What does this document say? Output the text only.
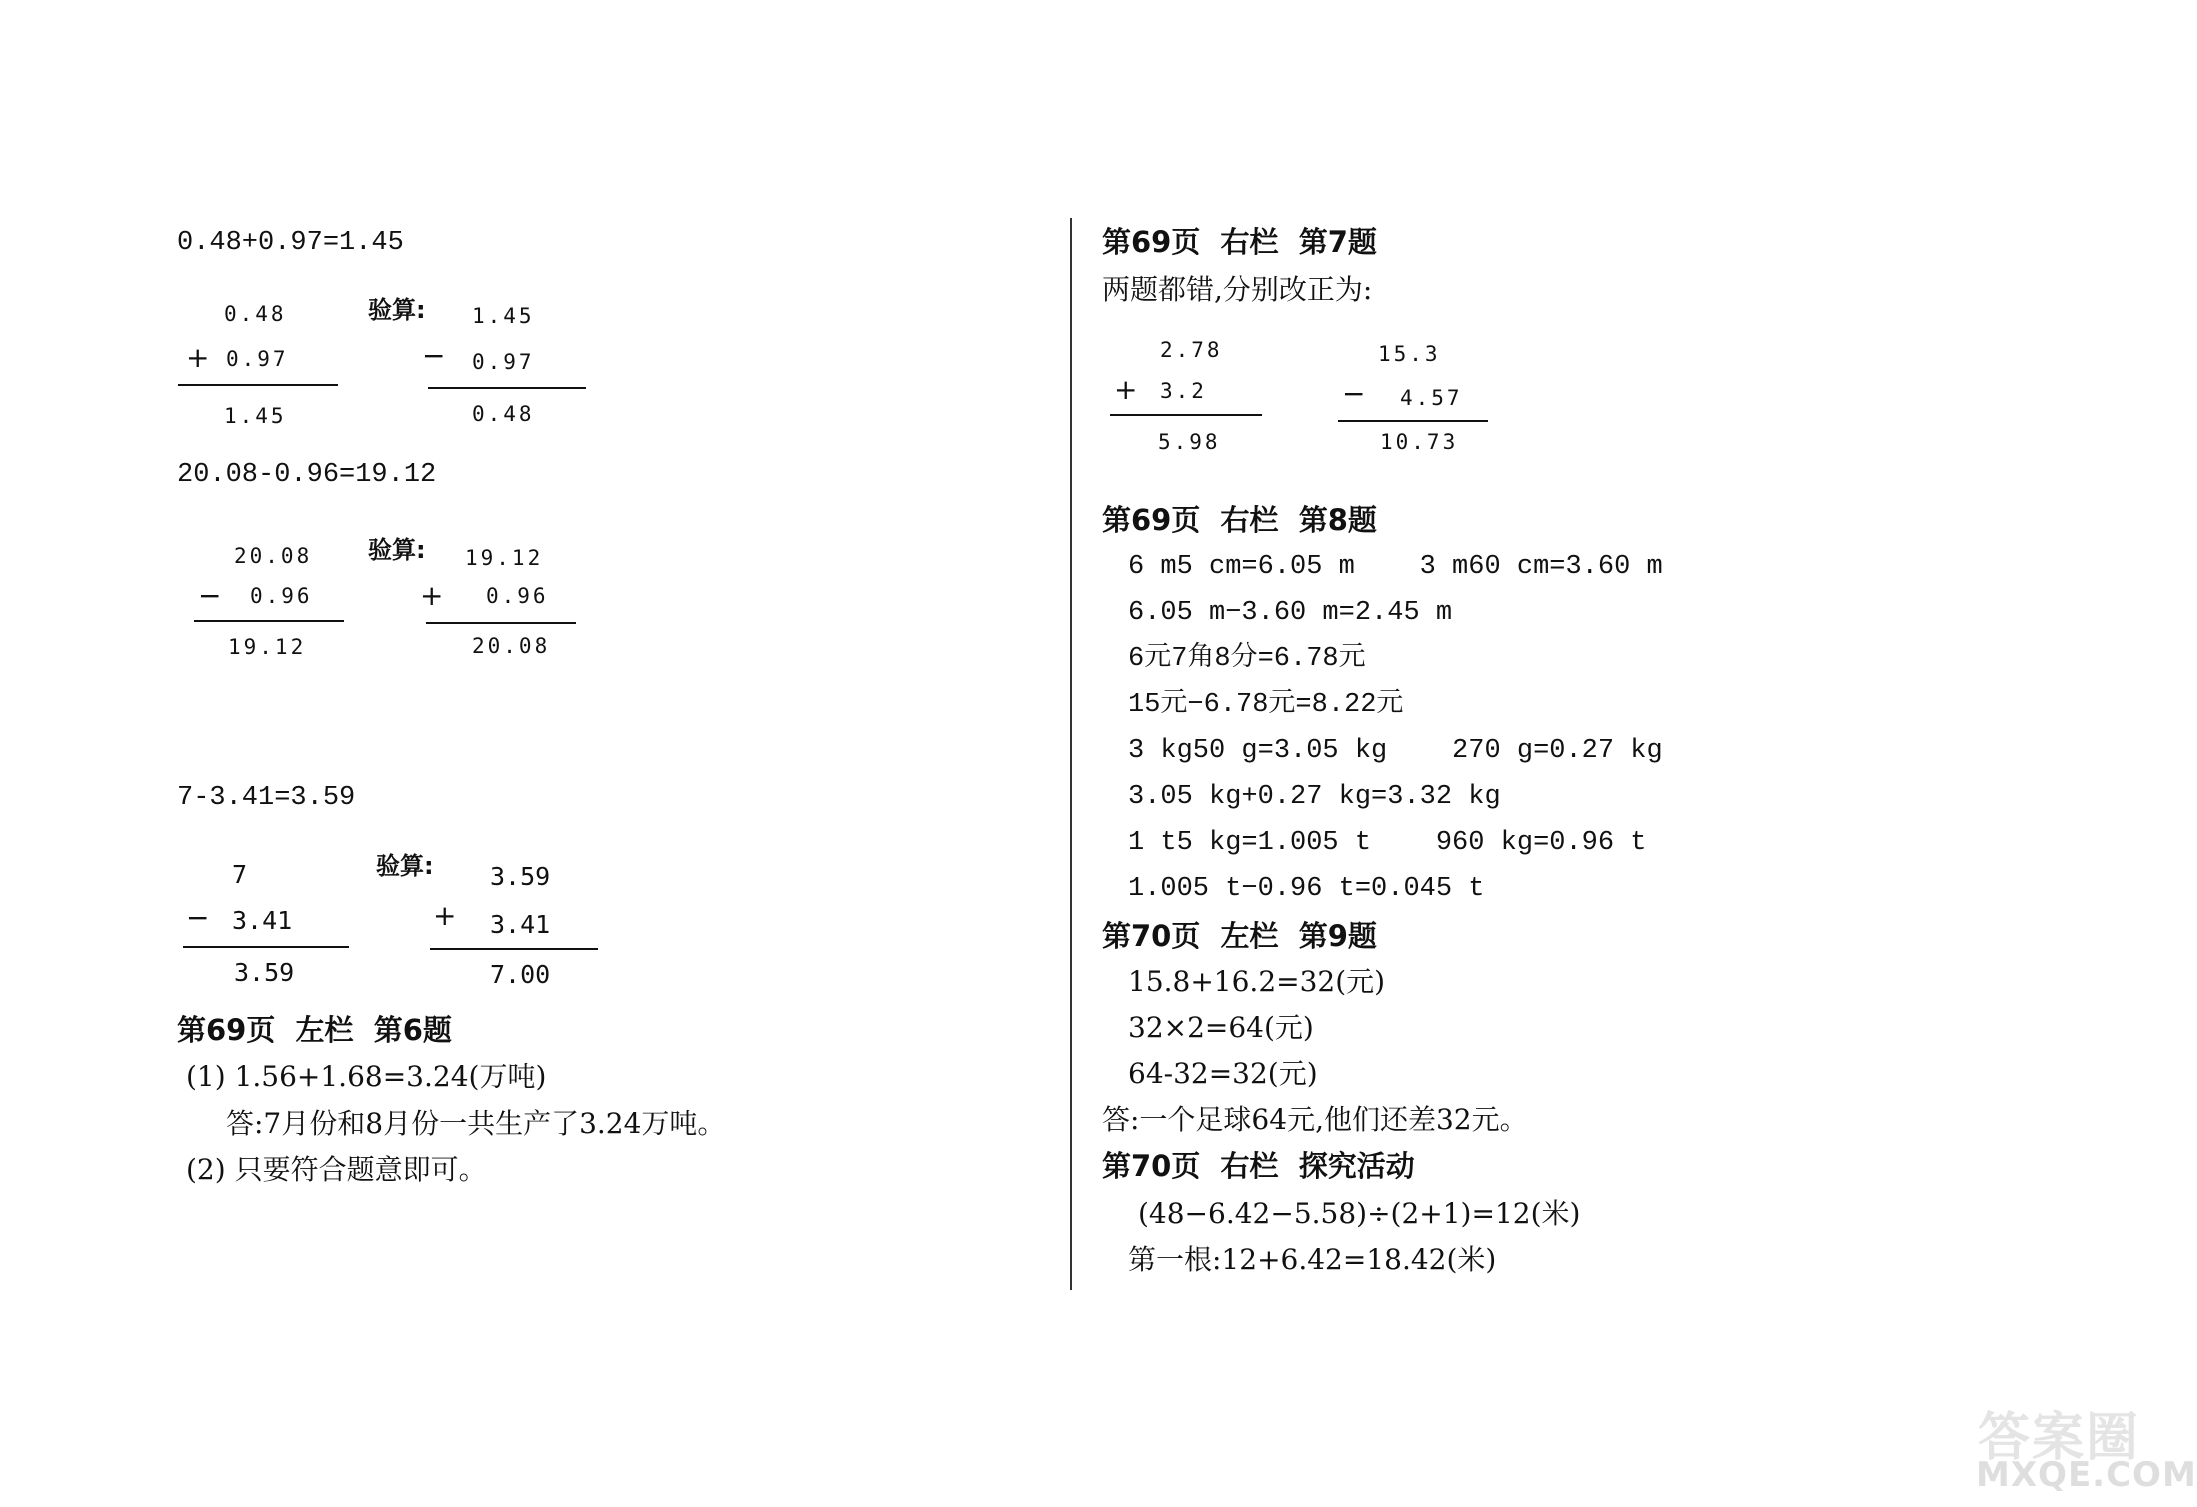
0.48+0.97=1.45
0.48
+ 0.97
1.45
验算: 1.45
− 0.97
0.48
20.08-0.96=19.12
20.08
− 0.96
19.12
验算: 19.12
+ 0.96
20.08
7-3.41=3.59
7
− 3.41
3.59
验算: 3.59
+ 3.41
7.00
第69页  左栏  第6题
(1) 1.56+1.68=3.24(万吨)
答:7月份和8月份一共生产了3.24万吨。
(2) 只要符合题意即可。
第69页  右栏  第7题
两题都错,分别改正为:
2.78
+ 3.2
5.98
15.3
− 4.57
10.73
第69页  右栏  第8题
6 m5 cm=6.05 m    3 m60 cm=3.60 m
6.05 m−3.60 m=2.45 m
6元7角8分=6.78元
15元−6.78元=8.22元
3 kg50 g=3.05 kg    270 g=0.27 kg
3.05 kg+0.27 kg=3.32 kg
1 t5 kg=1.005 t    960 kg=0.96 t
1.005 t−0.96 t=0.045 t
第70页  左栏  第9题
15.8+16.2=32(元)
32×2=64(元)
64-32=32(元)
答:一个足球64元,他们还差32元。
第70页  右栏  探究活动
(48−6.42−5.58)÷(2+1)=12(米)
第一根:12+6.42=18.42(米)
答案圈
MXQE.COM
